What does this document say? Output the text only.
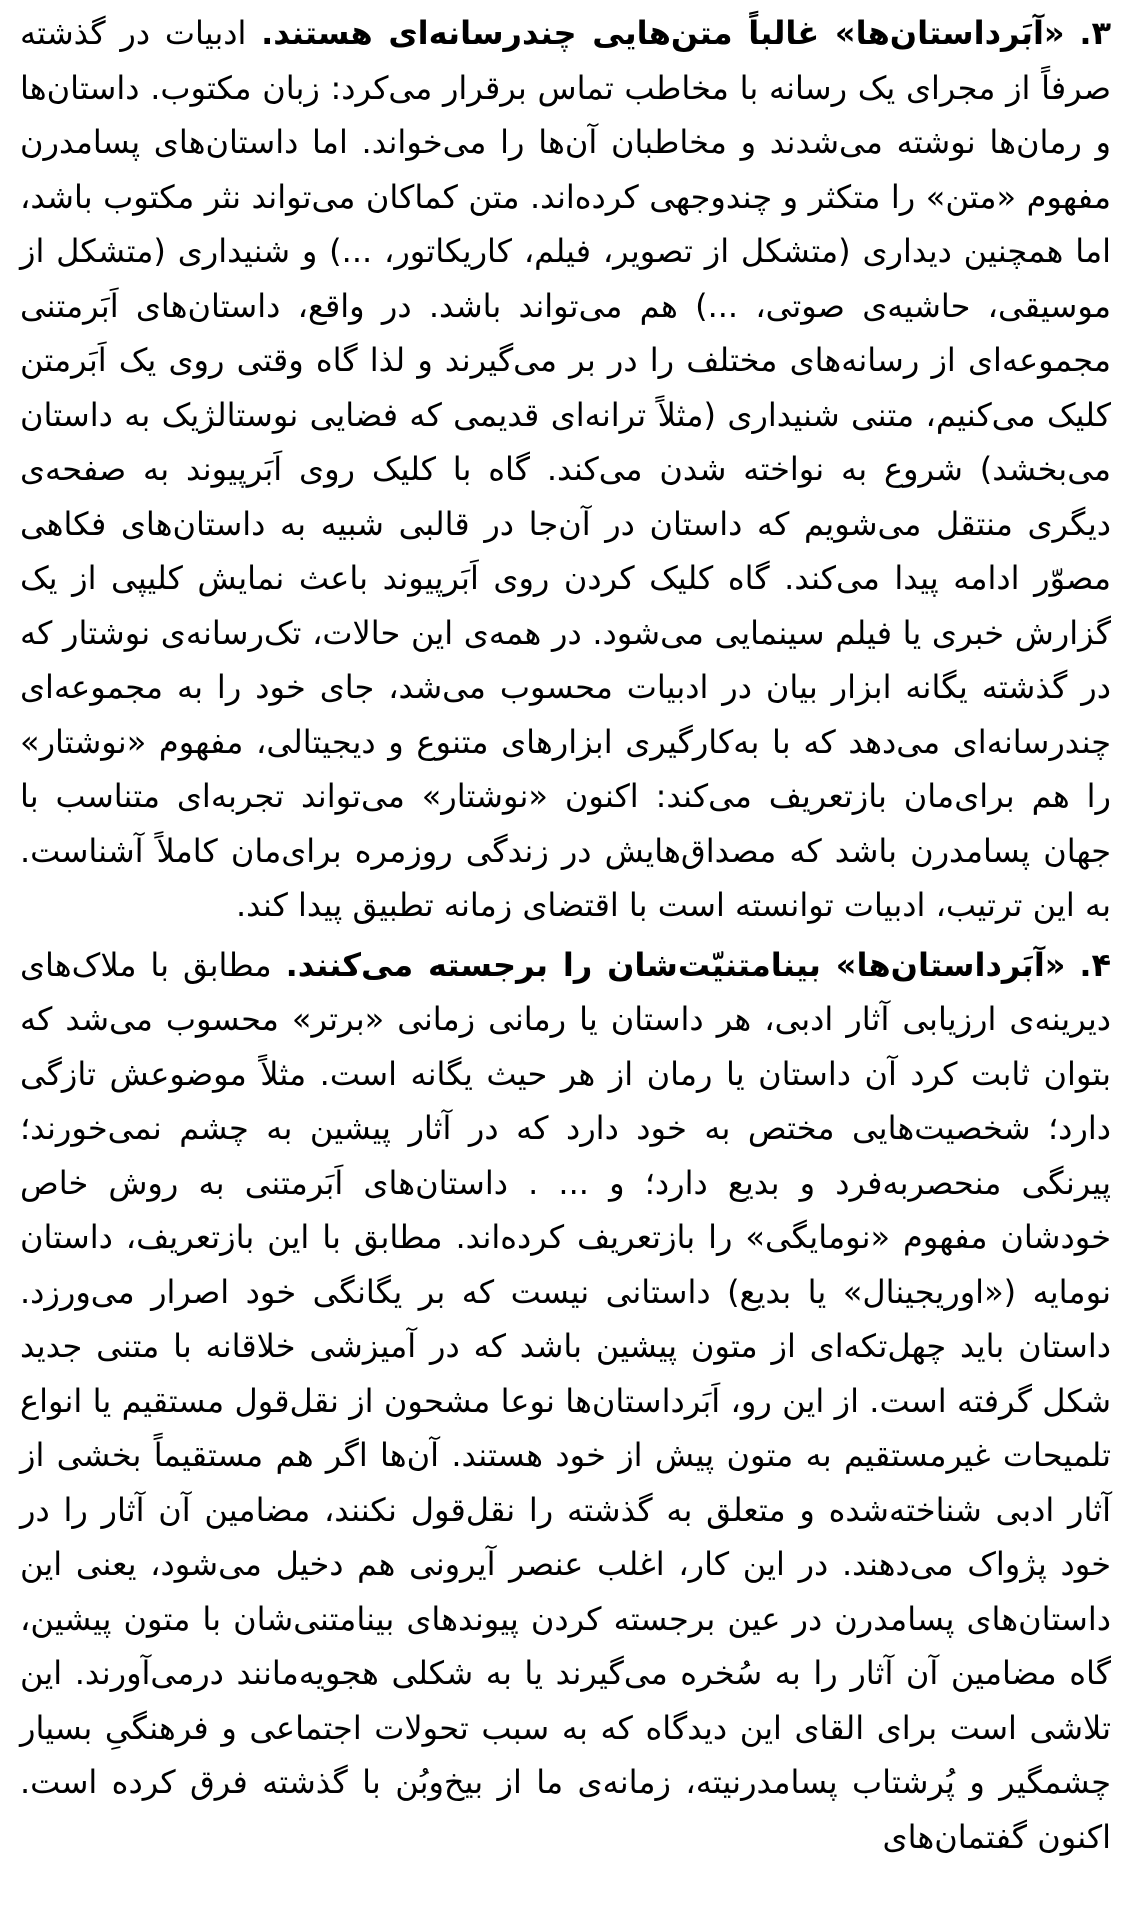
۳. «آبَرداستان‌ها» غالباً متن‌هایی چندرسانه‌ای هستند. ادبیات در گذشته صرفاً از مجرای یک رسانه با مخاطب تماس برقرار می‌کرد: زبان مکتوب. داستان‌ها و رمان‌ها نوشته می‌شدند و مخاطبان آن‌ها را می‌خواند. اما داستان‌های پسامدرن مفهوم «متن» را متکثر و چندوجهی کرده‌اند. متن کماکان می‌تواند نثر مکتوب باشد، اما همچنین دیداری (متشکل از تصویر، فیلم، کاریکاتور، ...) و شنیداری (متشکل از موسیقی، حاشیه‌ی صوتی، ...) هم می‌تواند باشد. در واقع، داستان‌های اَبَرمتنی مجموعه‌ای از رسانه‌های مختلف را در بر می‌گیرند و لذا گاه وقتی روی یک اَبَرمتن کلیک می‌کنیم، متنی شنیداری (مثلاً ترانه‌ای قدیمی که فضایی نوستالژیک به داستان می‌بخشد) شروع به نواخته شدن می‌کند. گاه با کلیک روی اَبَرپیوند به صفحه‌ی دیگری منتقل می‌شویم که داستان در آن‌جا در قالبی شبیه به داستان‌های فکاهی مصوّر ادامه پیدا می‌کند. گاه کلیک کردن روی اَبَرپیوند باعث نمایش کلیپی از یک گزارش خبری یا فیلم سینمایی می‌شود. در همه‌ی این حالات، تک‌رسانه‌ی نوشتار که در گذشته یگانه ابزار بیان در ادبیات محسوب می‌شد، جای خود را به مجموعه‌ای چندرسانه‌ای می‌دهد که با به‌کارگیری ابزارهای متنوع و دیجیتالی، مفهوم «نوشتار» را هم برای‌مان بازتعریف می‌کند: اکنون «نوشتار» می‌تواند تجربه‌ای متناسب با جهان پسامدرن باشد که مصداق‌هایش در زندگی روزمره برای‌مان کاملاً آشناست. به این ترتیب، ادبیات توانسته است با اقتضای زمانه تطبیق پیدا کند.

۴. «آبَرداستان‌ها» بینامتنیّت‌شان را برجسته می‌کنند. مطابق با ملاک‌های دیرینه‌ی ارزیابی آثار ادبی، هر داستان یا رمانی زمانی «برتر» محسوب می‌شد که بتوان ثابت کرد آن داستان یا رمان از هر حیث یگانه است. مثلاً موضوعش تازگی دارد؛ شخصیت‌هایی مختص به خود دارد که در آثار پیشین به چشم نمی‌خورند؛ پیرنگی منحصربه‌فرد و بدیع دارد؛ و ... . داستان‌های اَبَرمتنی به روش خاص خودشان مفهوم «نومایگی» را بازتعریف کرده‌اند. مطابق با این بازتعریف، داستان نومایه («اوریجینال» یا بدیع) داستانی نیست که بر یگانگی خود اصرار می‌ورزد. داستان باید چهل‌تکه‌ای از متون پیشین باشد که در آمیزشی خلاقانه با متنی جدید شکل گرفته است. از این رو، اَبَرداستان‌ها نوعا مشحون از نقل‌قول مستقیم یا انواع تلمیحات غیرمستقیم به متون پیش از خود هستند. آن‌ها اگر هم مستقیماً بخشی از آثار ادبی شناخته‌شده و متعلق به گذشته را نقل‌قول نکنند، مضامین آن آثار را در خود پژواک می‌دهند. در این کار، اغلب عنصر آیرونی هم دخیل می‌شود، یعنی این داستان‌های پسامدرن در عین برجسته کردن پیوندهای بینامتنی‌شان با متون پیشین، گاه مضامین آن آثار را به سُخره می‌گیرند یا به شکلی هجویه‌مانند درمی‌آورند. این تلاشی است برای القای این دیدگاه که به سبب تحولات اجتماعی و فرهنگیِ بسیار چشمگیر و پُرشتاب پسامدرنیته، زمانه‌ی ما از بیخ‌وبُن با گذشته فرق کرده است. اکنون گفتمان‌های
